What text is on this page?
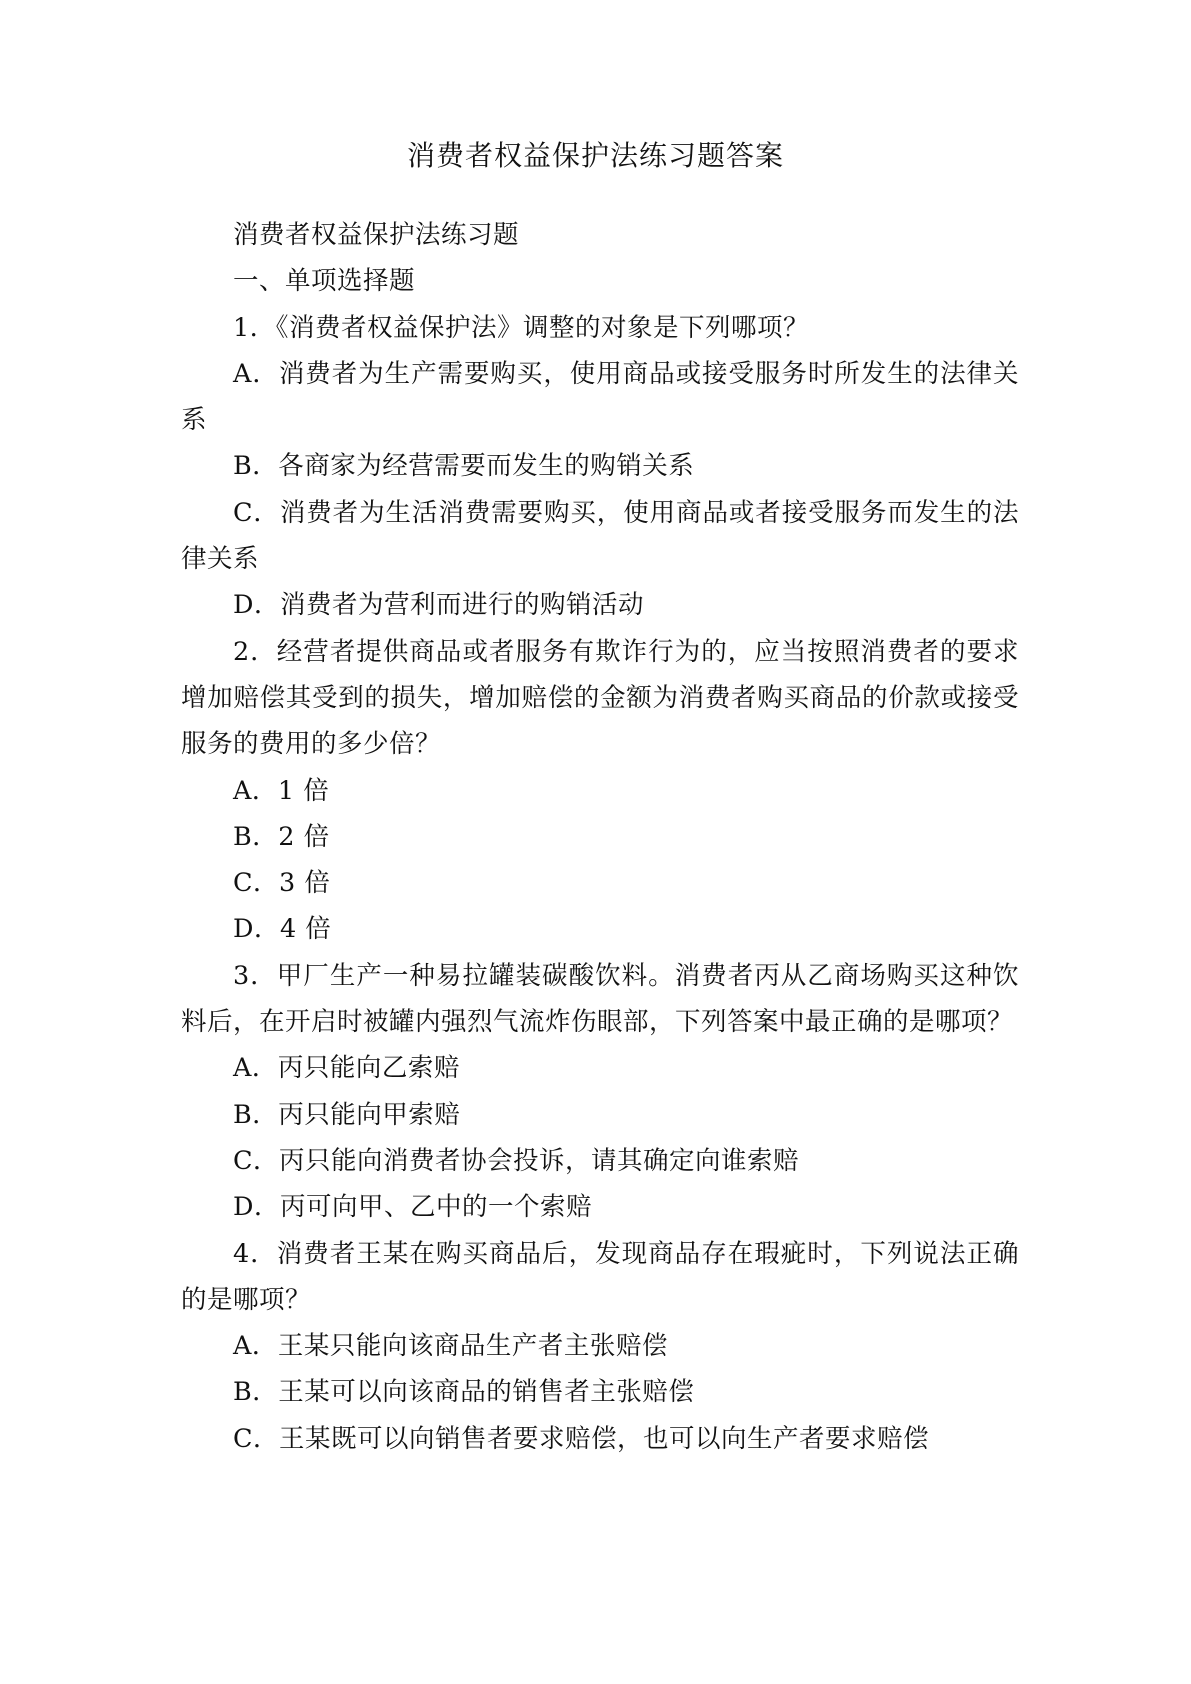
消费者权益保护法练习题答案

消费者权益保护法练习题

一、单项选择题

1．《消费者权益保护法》调整的对象是下列哪项？

A．消费者为生产需要购买，使用商品或接受服务时所发生的法律关系

B．各商家为经营需要而发生的购销关系

C．消费者为生活消费需要购买，使用商品或者接受服务而发生的法律关系

D．消费者为营利而进行的购销活动

2．经营者提供商品或者服务有欺诈行为的，应当按照消费者的要求增加赔偿其受到的损失，增加赔偿的金额为消费者购买商品的价款或接受服务的费用的多少倍？

A．1 倍

B．2 倍

C．3 倍

D．4 倍

3．甲厂生产一种易拉罐装碳酸饮料。消费者丙从乙商场购买这种饮料后，在开启时被罐内强烈气流炸伤眼部，下列答案中最正确的是哪项？

A．丙只能向乙索赔

B．丙只能向甲索赔

C．丙只能向消费者协会投诉，请其确定向谁索赔

D．丙可向甲、乙中的一个索赔

4．消费者王某在购买商品后，发现商品存在瑕疵时，下列说法正确的是哪项？

A．王某只能向该商品生产者主张赔偿

B．王某可以向该商品的销售者主张赔偿

C．王某既可以向销售者要求赔偿，也可以向生产者要求赔偿
